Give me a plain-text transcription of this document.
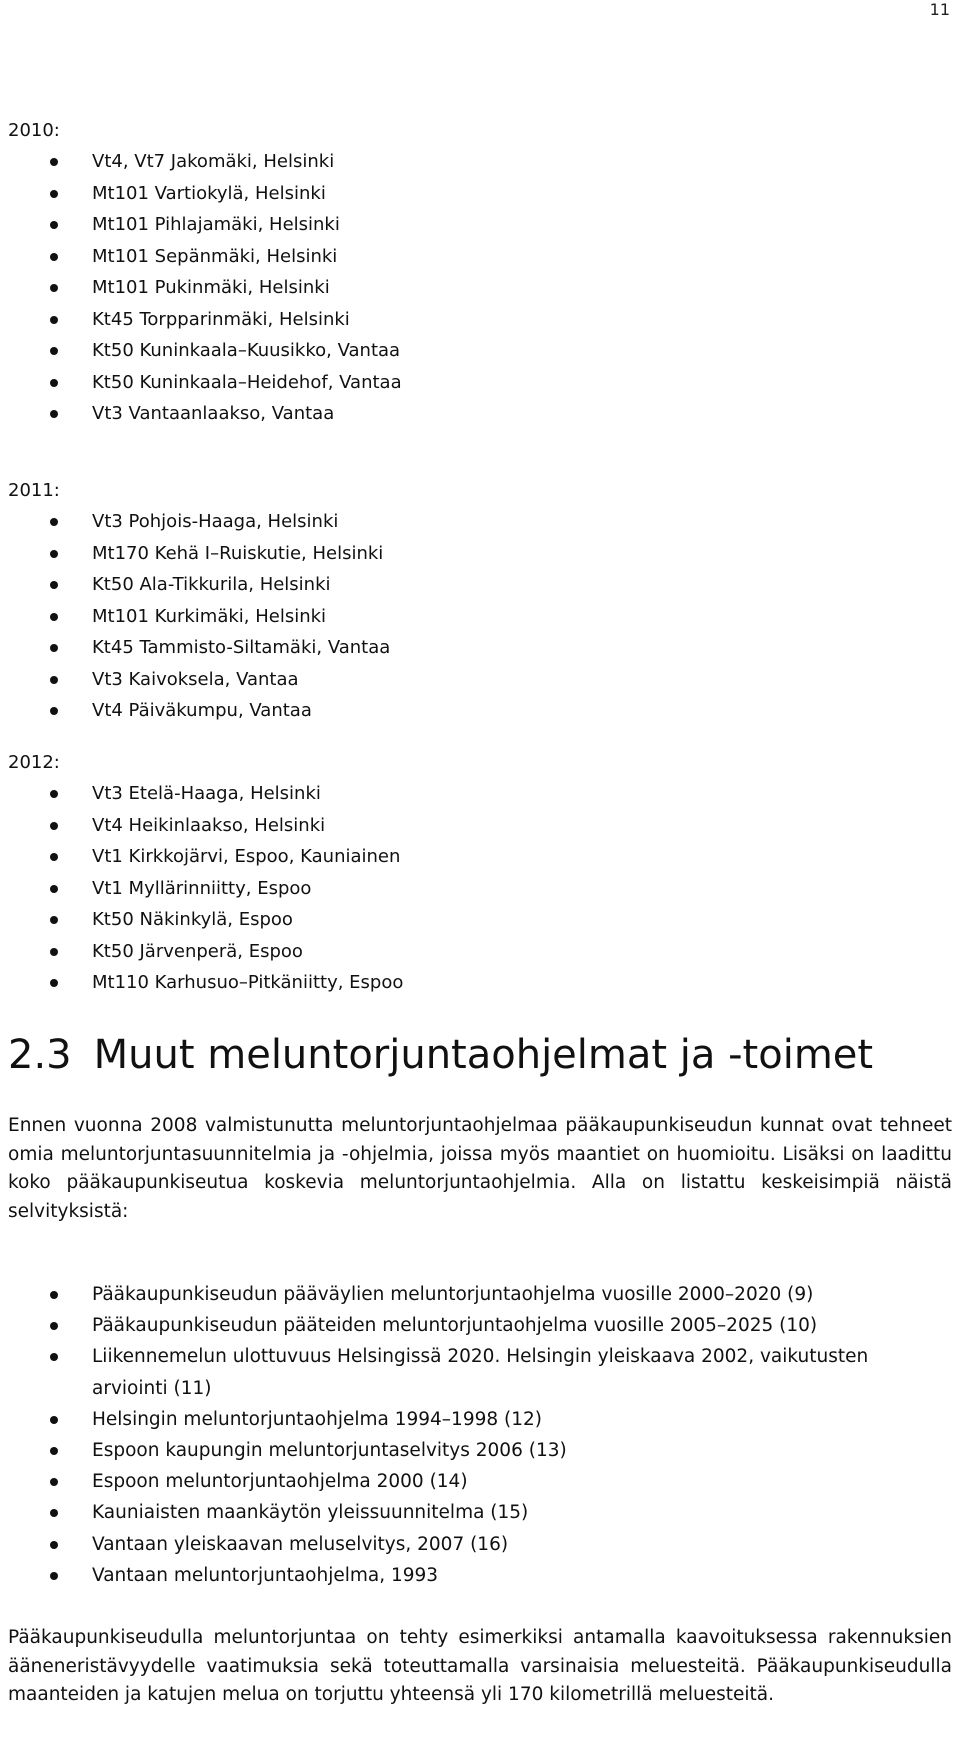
11
2010:
Vt4, Vt7 Jakomäki, Helsinki
Mt101 Vartiokylä, Helsinki
Mt101 Pihlajamäki, Helsinki
Mt101 Sepänmäki, Helsinki
Mt101 Pukinmäki, Helsinki
Kt45 Torpparinmäki, Helsinki
Kt50 Kuninkaala–Kuusikko, Vantaa
Kt50 Kuninkaala–Heidehof, Vantaa
Vt3 Vantaanlaakso, Vantaa
2011:
Vt3 Pohjois-Haaga, Helsinki
Mt170 Kehä I–Ruiskutie, Helsinki
Kt50 Ala-Tikkurila, Helsinki
Mt101 Kurkimäki, Helsinki
Kt45 Tammisto-Siltamäki, Vantaa
Vt3 Kaivoksela, Vantaa
Vt4 Päiväkumpu, Vantaa
2012:
Vt3 Etelä-Haaga, Helsinki
Vt4 Heikinlaakso, Helsinki
Vt1 Kirkkojärvi, Espoo, Kauniainen
Vt1 Myllärinniitty, Espoo
Kt50 Näkinkylä, Espoo
Kt50 Järvenperä, Espoo
Mt110 Karhusuo–Pitkäniitty, Espoo
2.3 Muut meluntorjuntaohjelmat ja -toimet

Ennen vuonna 2008 valmistunutta meluntorjuntaohjelmaa pääkaupunkiseudun kunnat ovat tehneet omia meluntorjuntasuunnitelmia ja -ohjelmia, joissa myös maantiet on huomioitu. Lisäksi on laadittu koko pääkaupunkiseutua koskevia meluntorjuntaohjelmia. Alla on listattu keskeisimpiä näistä selvityksistä:

Pääkaupunkiseudun pääväylien meluntorjuntaohjelma vuosille 2000–2020 (9)
Pääkaupunkiseudun pääteiden meluntorjuntaohjelma vuosille 2005–2025 (10)
Liikennemelun ulottuvuus Helsingissä 2020. Helsingin yleiskaava 2002, vaikutusten arviointi (11)
Helsingin meluntorjuntaohjelma 1994–1998 (12)
Espoon kaupungin meluntorjuntaselvitys 2006 (13)
Espoon meluntorjuntaohjelma 2000 (14)
Kauniaisten maankäytön yleissuunnitelma (15)
Vantaan yleiskaavan meluselvitys, 2007 (16)
Vantaan meluntorjuntaohjelma, 1993

Pääkaupunkiseudulla meluntorjuntaa on tehty esimerkiksi antamalla kaavoituksessa rakennuksien ääneneristävyydelle vaatimuksia sekä toteuttamalla varsinaisia meluesteitä. Pääkaupunkiseudulla maanteiden ja katujen melua on torjuttu yhteensä yli 170 kilometrillä meluesteitä.
